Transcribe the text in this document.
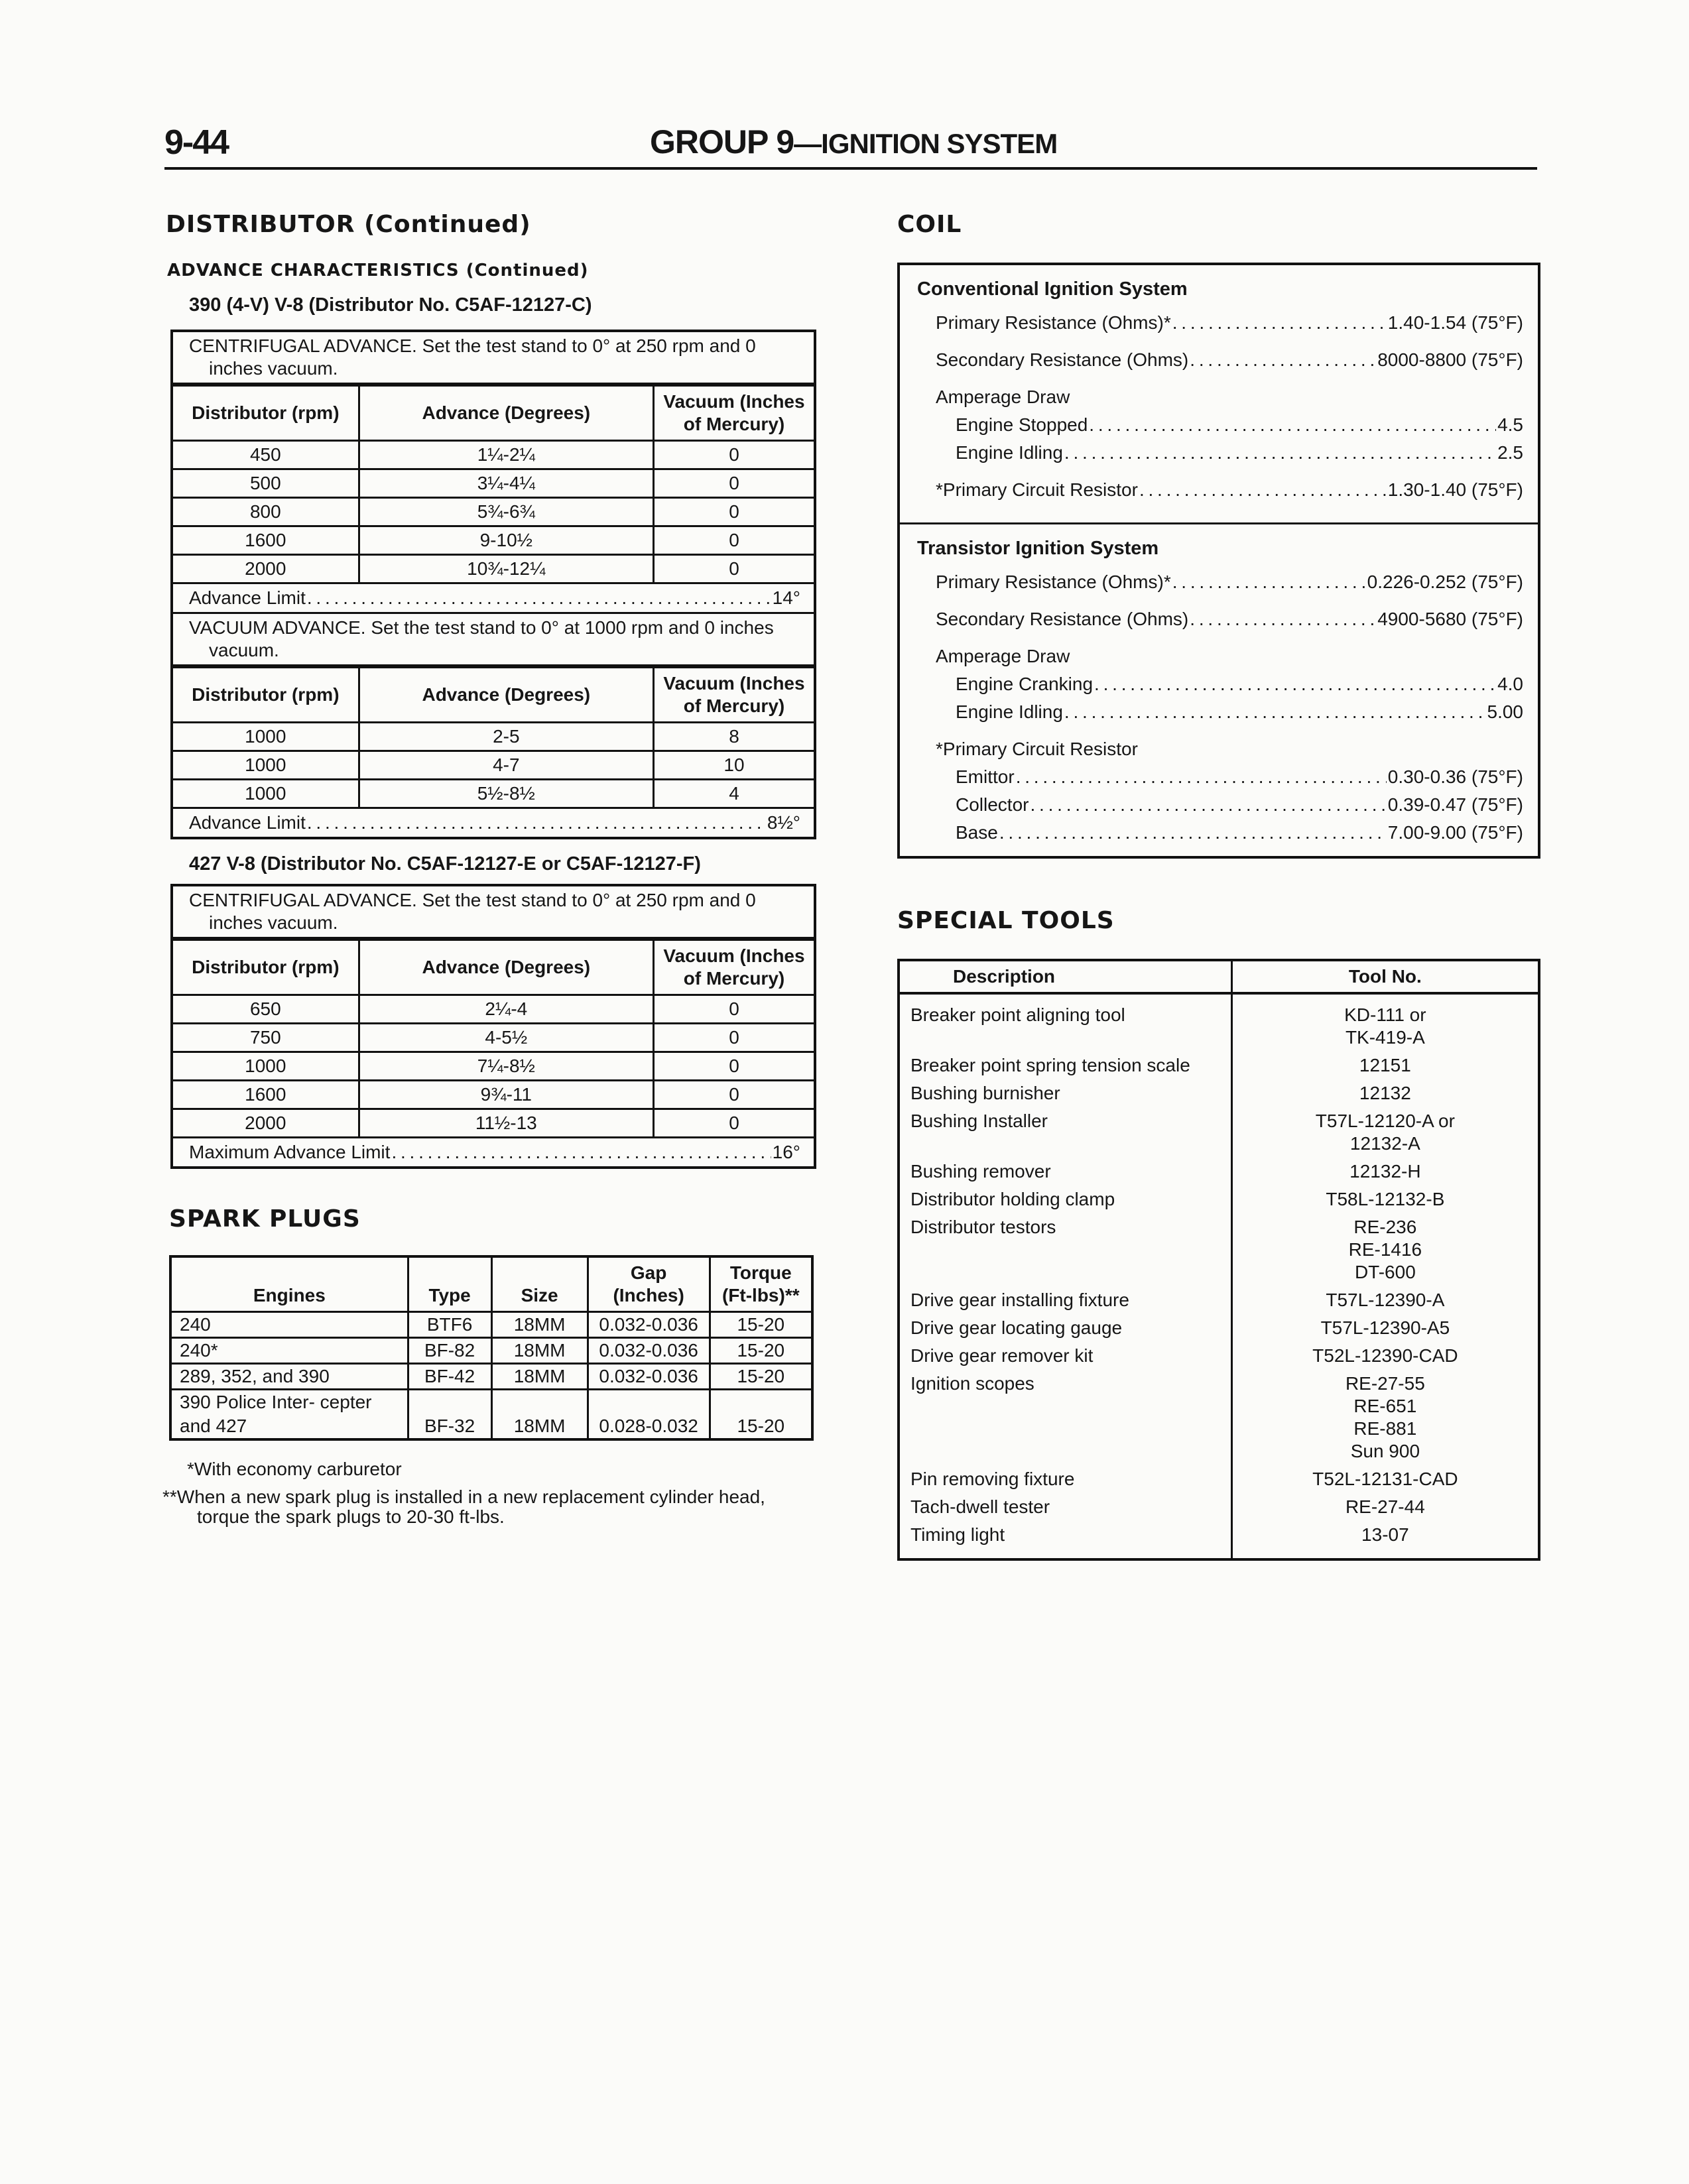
9-44	GROUP 9—IGNITION SYSTEM
DISTRIBUTOR (Continued)
ADVANCE CHARACTERISTICS (Continued)
390 (4-V) V-8 (Distributor No. C5AF-12127-C)
CENTRIFUGAL ADVANCE. Set the test stand to 0° at 250 rpm and 0
inches vacuum.
Distributor (rpm)	Advance (Degrees)	Vacuum (Inches of Mercury)
450	1¼-2¼	0
500	3¼-4¼	0
800	5¾-6¾	0
1600	9-10½	0
2000	10¾-12¼	0
Advance Limit . . .	14°
VACUUM ADVANCE. Set the test stand to 0° at 1000 rpm and 0 inches
vacuum.
Distributor (rpm)	Advance (Degrees)	Vacuum (Inches of Mercury)
1000	2-5	8
1000	4-7	10
1000	5½-8½	4
Advance Limit . . .	8½°
427 V-8 (Distributor No. C5AF-12127-E or C5AF-12127-F)
CENTRIFUGAL ADVANCE. Set the test stand to 0° at 250 rpm and 0
inches vacuum.
Distributor (rpm)	Advance (Degrees)	Vacuum (Inches of Mercury)
650	2¼-4	0
750	4-5½	0
1000	7¼-8½	0
1600	9¾-11	0
2000	11½-13	0
Maximum Advance Limit . . .	16°
SPARK PLUGS
Engines	Type	Size	Gap (Inches)	Torque (Ft-lbs)**
240	BTF6	18MM	0.032-0.036	15-20
240*	BF-82	18MM	0.032-0.036	15-20
289, 352, and 390	BF-42	18MM	0.032-0.036	15-20
390 Police Inter- cepter and 427	BF-32	18MM	0.028-0.032	15-20
*With economy carburetor
**When a new spark plug is installed in a new replacement cylinder head,
torque the spark plugs to 20-30 ft-lbs.
COIL
Conventional Ignition System
Primary Resistance (Ohms)* . . .	1.40-1.54 (75°F)
Secondary Resistance (Ohms) . . .	8000-8800 (75°F)
Amperage Draw
Engine Stopped . . .	4.5
Engine Idling . . .	2.5
*Primary Circuit Resistor . . .	1.30-1.40 (75°F)
Transistor Ignition System
Primary Resistance (Ohms)* . . .	0.226-0.252 (75°F)
Secondary Resistance (Ohms) . . .	4900-5680 (75°F)
Amperage Draw
Engine Cranking . . .	4.0
Engine Idling . . .	5.00
*Primary Circuit Resistor
Emittor . . .	0.30-0.36 (75°F)
Collector . . .	0.39-0.47 (75°F)
Base . . .	7.00-9.00 (75°F)
SPECIAL TOOLS
Description	Tool No.
Breaker point aligning tool	KD-111 or
TK-419-A
Breaker point spring tension scale	12151
Bushing burnisher	12132
Bushing Installer	T57L-12120-A or
12132-A
Bushing remover	12132-H
Distributor holding clamp	T58L-12132-B
Distributor testors	RE-236
RE-1416
DT-600
Drive gear installing fixture	T57L-12390-A
Drive gear locating gauge	T57L-12390-A5
Drive gear remover kit	T52L-12390-CAD
Ignition scopes	RE-27-55
RE-651
RE-881
Sun 900
Pin removing fixture	T52L-12131-CAD
Tach-dwell tester	RE-27-44
Timing light	13-07
